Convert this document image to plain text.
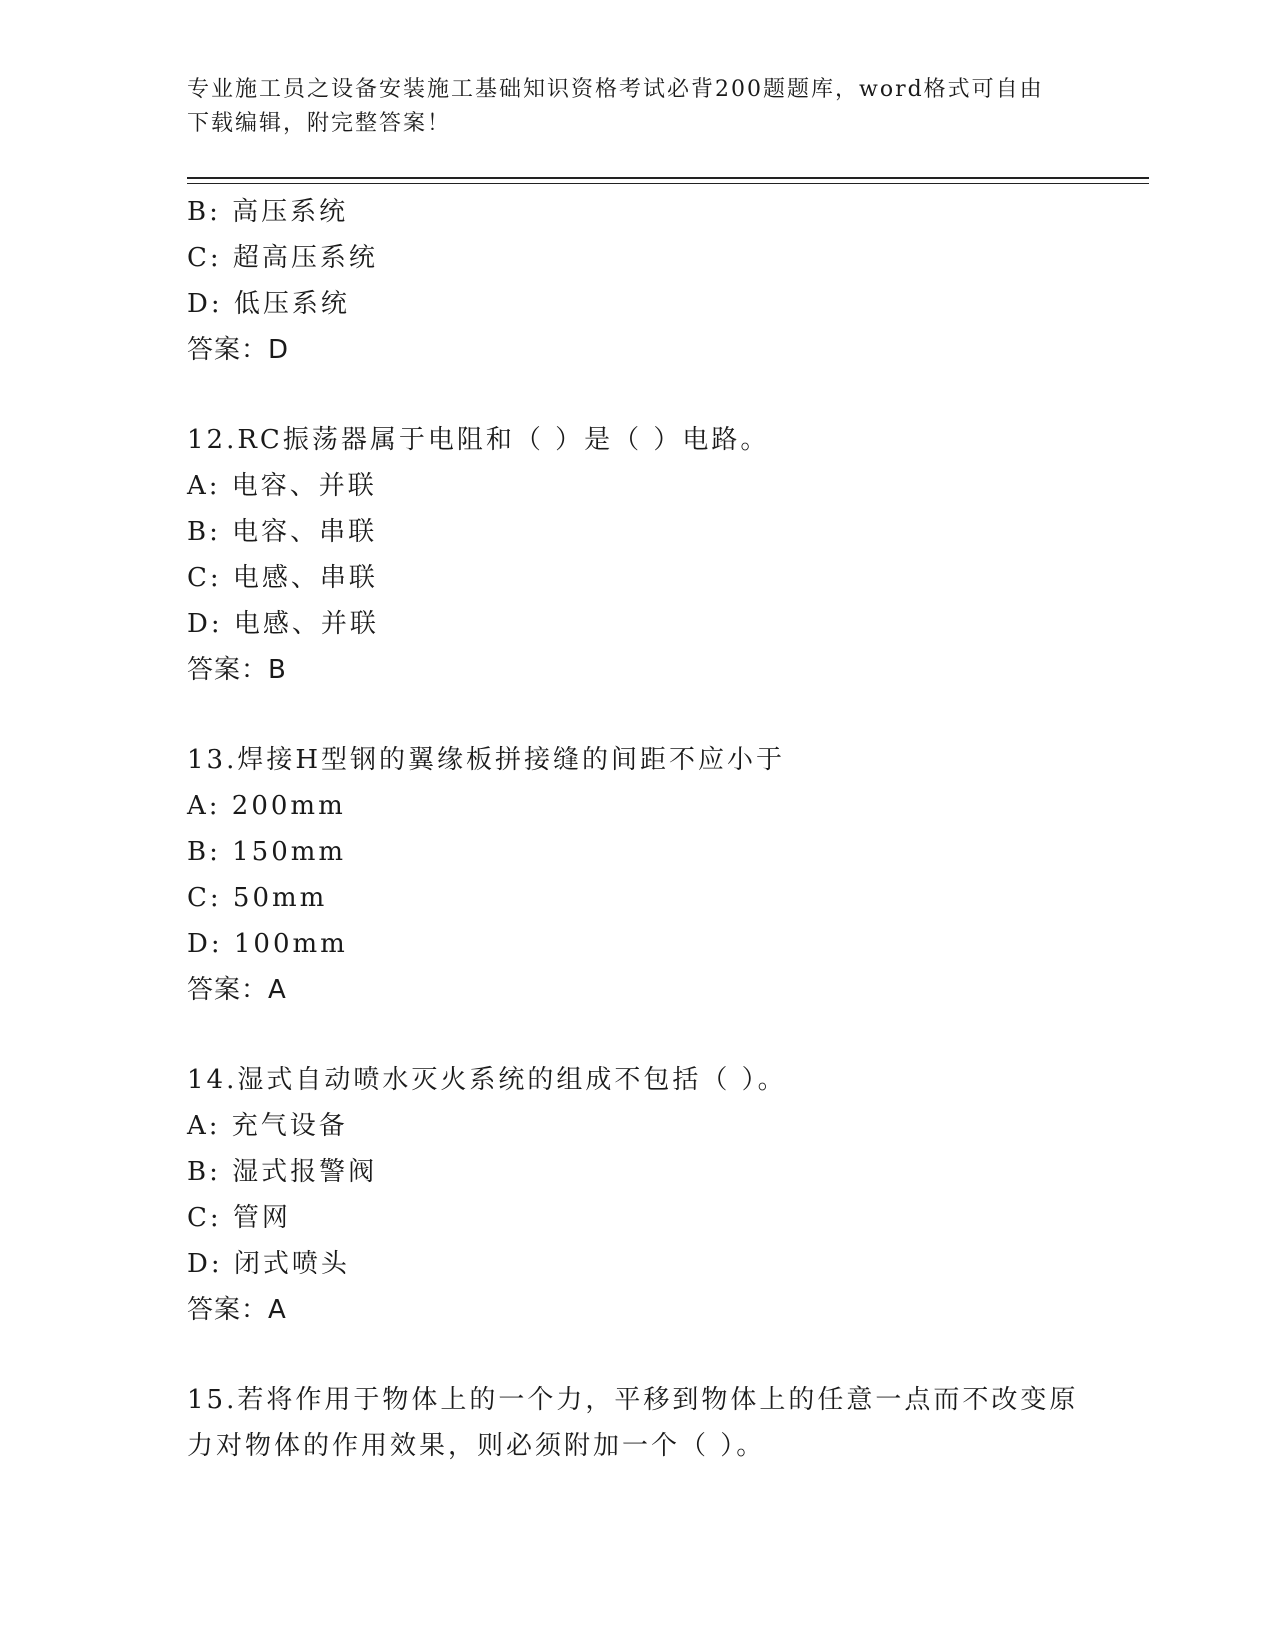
专业施工员之设备安装施工基础知识资格考试必背200题题库，word格式可自由
下载编辑，附完整答案！
B: 高压系统
C: 超高压系统
D: 低压系统
答案：D
12.RC振荡器属于电阻和（ ）是（ ）电路。
A: 电容、并联
B: 电容、串联
C: 电感、串联
D: 电感、并联
答案：B
13.焊接H型钢的翼缘板拼接缝的间距不应小于
A: 200mm
B: 150mm
C: 50mm
D: 100mm
答案：A
14.湿式自动喷水灭火系统的组成不包括（ ）。
A: 充气设备
B: 湿式报警阀
C: 管网
D: 闭式喷头
答案：A
15.若将作用于物体上的一个力，平移到物体上的任意一点而不改变原
力对物体的作用效果，则必须附加一个（ ）。
